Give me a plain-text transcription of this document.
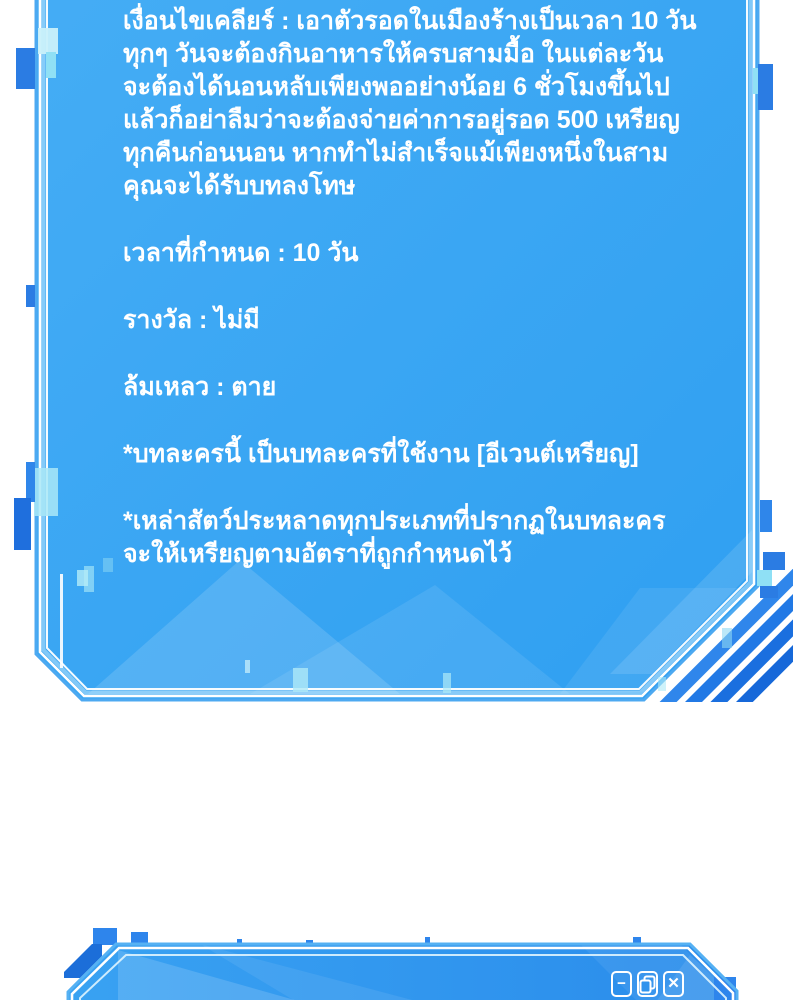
เงื่อนไขเคลียร์ : เอาตัวรอดในเมืองร้างเป็นเวลา 10 วัน
ทุกๆ วันจะต้องกินอาหารให้ครบสามมื้อ ในแต่ละวัน
จะต้องได้นอนหลับเพียงพออย่างน้อย 6 ชั่วโมงขึ้นไป
แล้วก็อย่าลืมว่าจะต้องจ่ายค่าการอยู่รอด 500 เหรียญ
ทุกคืนก่อนนอน หากทำไม่สำเร็จแม้เพียงหนึ่งในสาม
คุณจะได้รับบทลงโทษ
เวลาที่กำหนด : 10 วัน
รางวัล : ไม่มี
ล้มเหลว : ตาย
*บทละครนี้ เป็นบทละครที่ใช้งาน [อีเวนต์เหรียญ]
*เหล่าสัตว์ประหลาดทุกประเภทที่ปรากฏในบทละคร
จะให้เหรียญตามอัตราที่ถูกกำหนดไว้
−	✕
